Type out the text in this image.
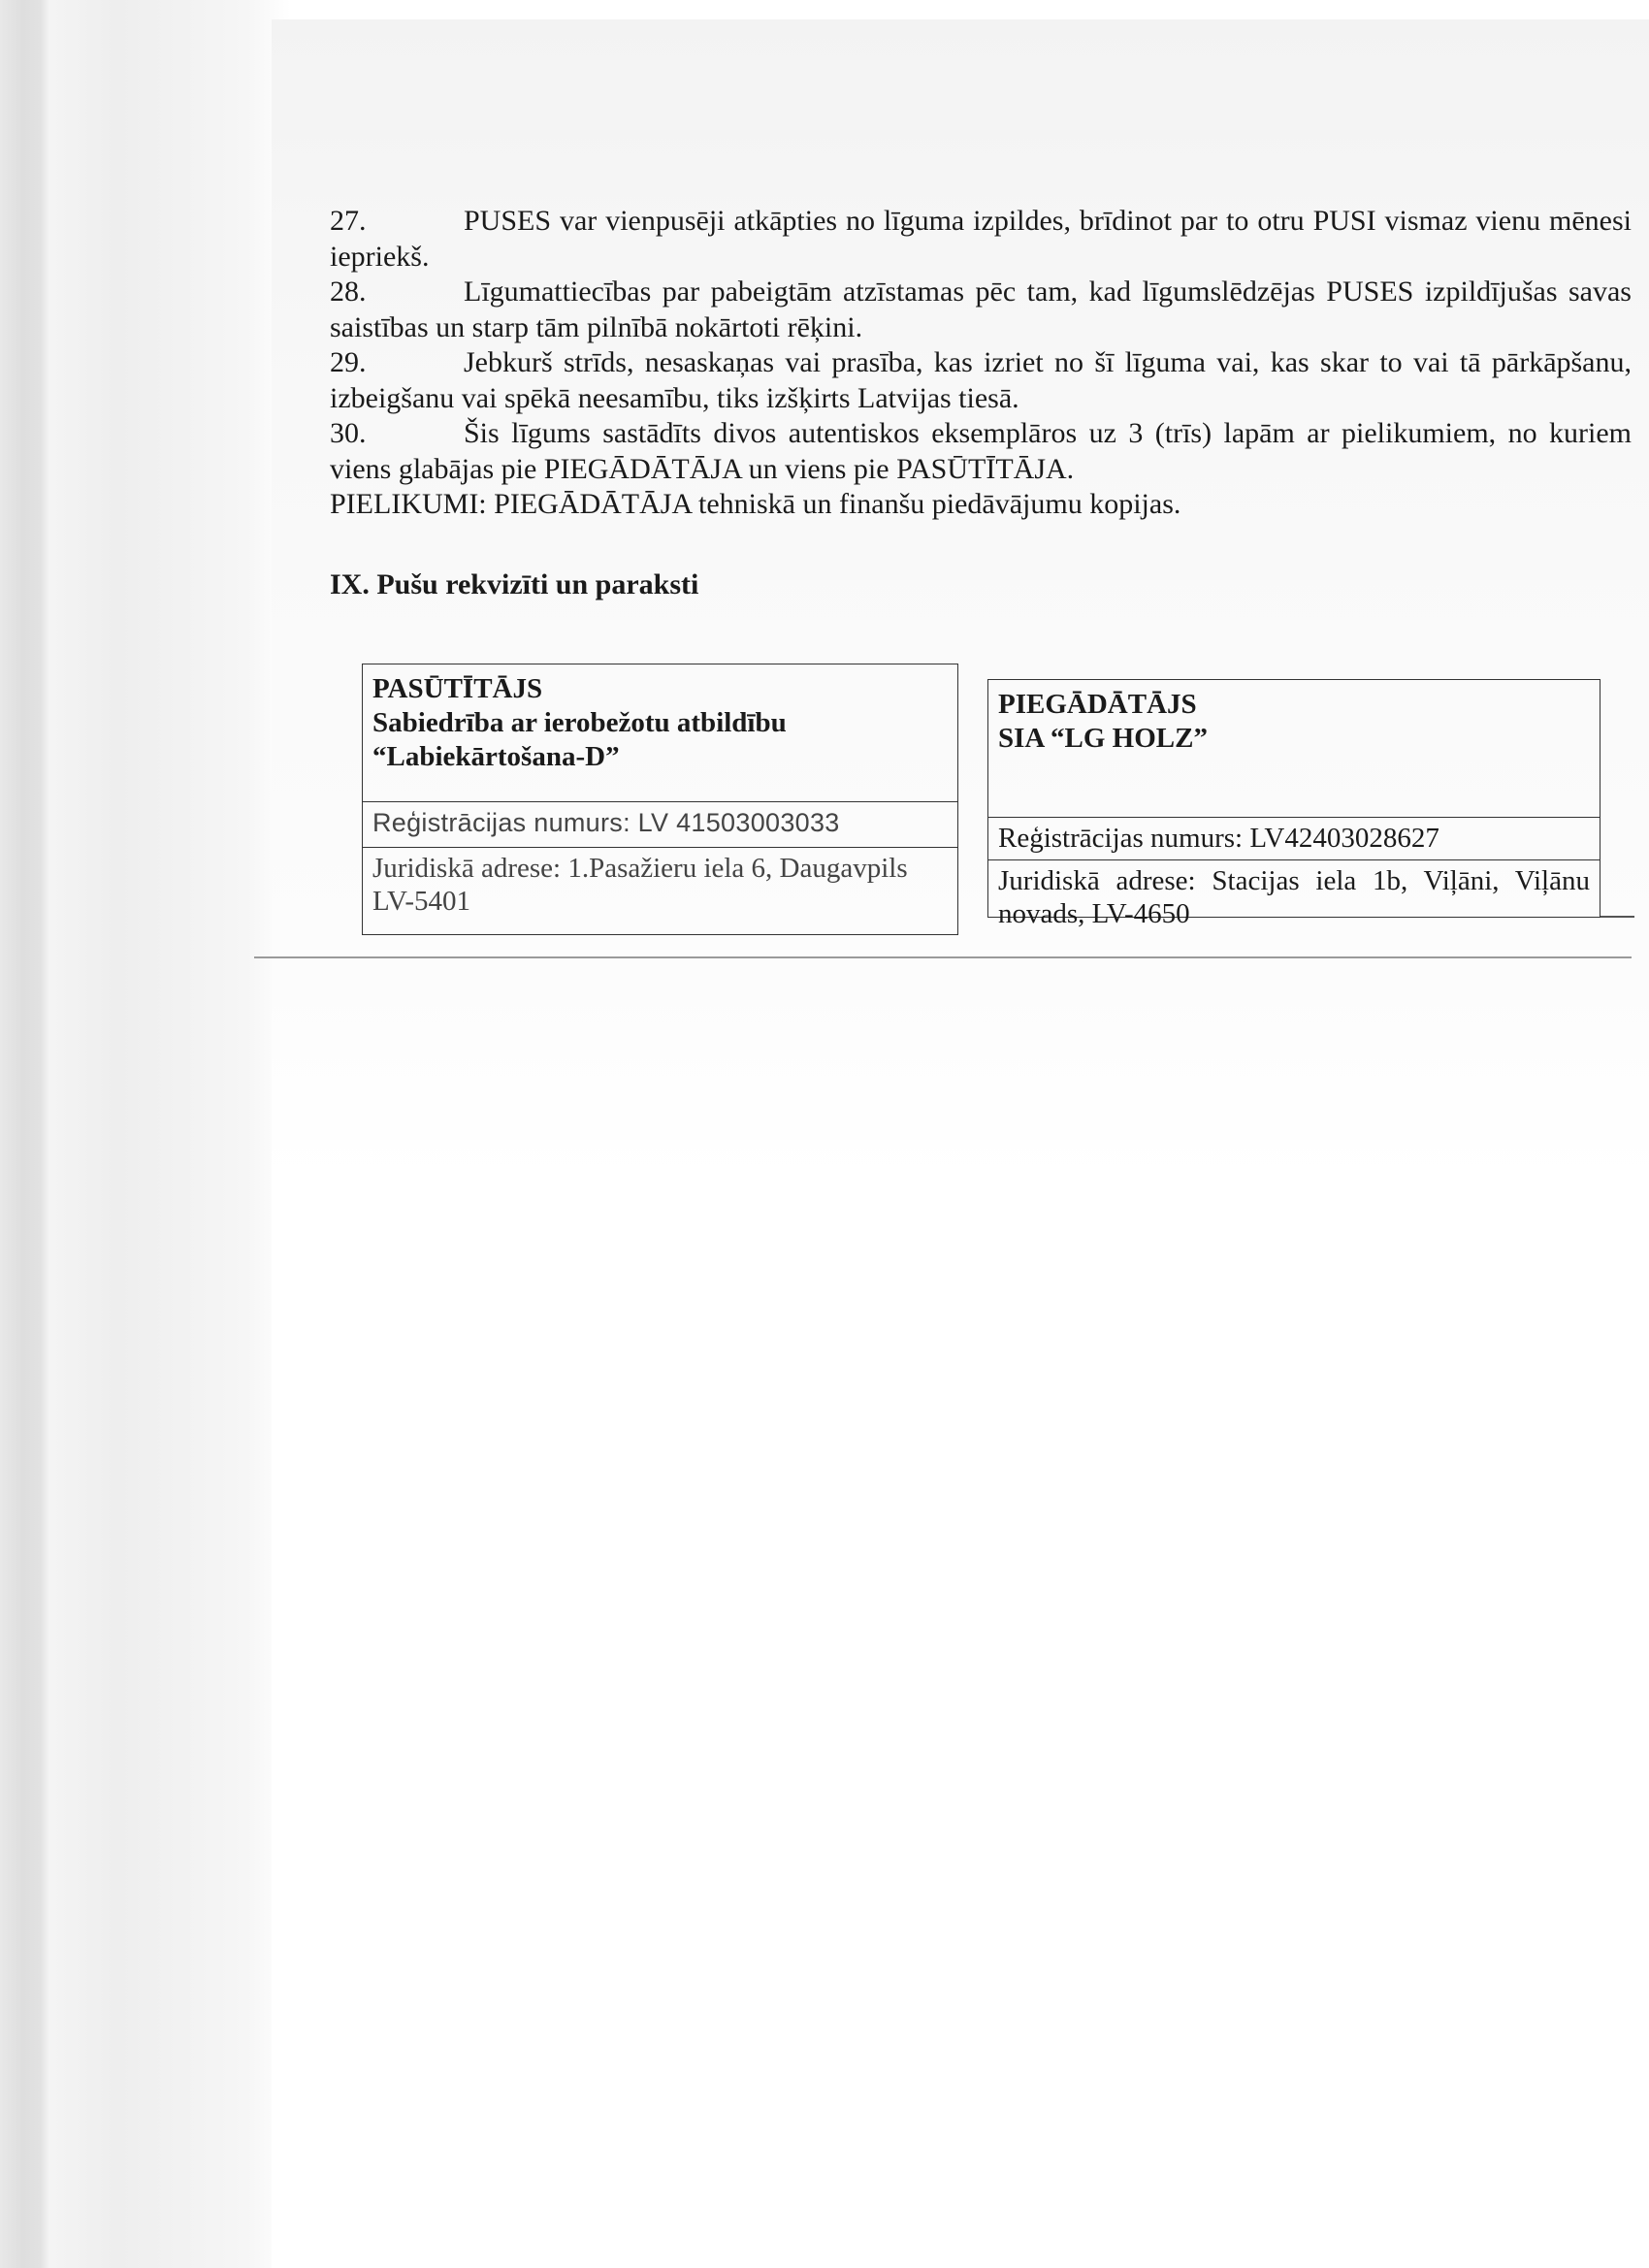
27.	PUSES var vienpusēji atkāpties no līguma izpildes, brīdinot par to otru PUSI vismaz vienu mēnesi iepriekš.

28.	Līgumattiecības par pabeigtām atzīstamas pēc tam, kad līgumslēdzējas PUSES izpildījušas savas saistības un starp tām pilnībā nokārtoti rēķini.

29.	Jebkurš strīds, nesaskaņas vai prasība, kas izriet no šī līguma vai, kas skar to vai tā pārkāpšanu, izbeigšanu vai spēkā neesamību, tiks izšķirts Latvijas tiesā.

30.	Šis līgums sastādīts divos autentiskos eksemplāros uz 3 (trīs) lapām ar pielikumiem, no kuriem viens glabājas pie PIEGĀDĀTĀJA un viens pie PASŪTĪTĀJA.

PIELIKUMI: PIEGĀDĀTĀJA tehniskā un finanšu piedāvājumu kopijas.

IX. Pušu rekvizīti un paraksti
PASŪTĪTĀJS
Sabiedrība ar ierobežotu atbildību
“Labiekārtošana-D”
Reģistrācijas numurs: LV 41503003033
Juridiskā adrese: 1.Pasažieru iela 6, Daugavpils LV-5401
PIEGĀDĀTĀJS
SIA “LG HOLZ”
Reģistrācijas numurs: LV42403028627
Juridiskā adrese: Stacijas iela 1b, Viļāni, Viļānu novads, LV-4650
